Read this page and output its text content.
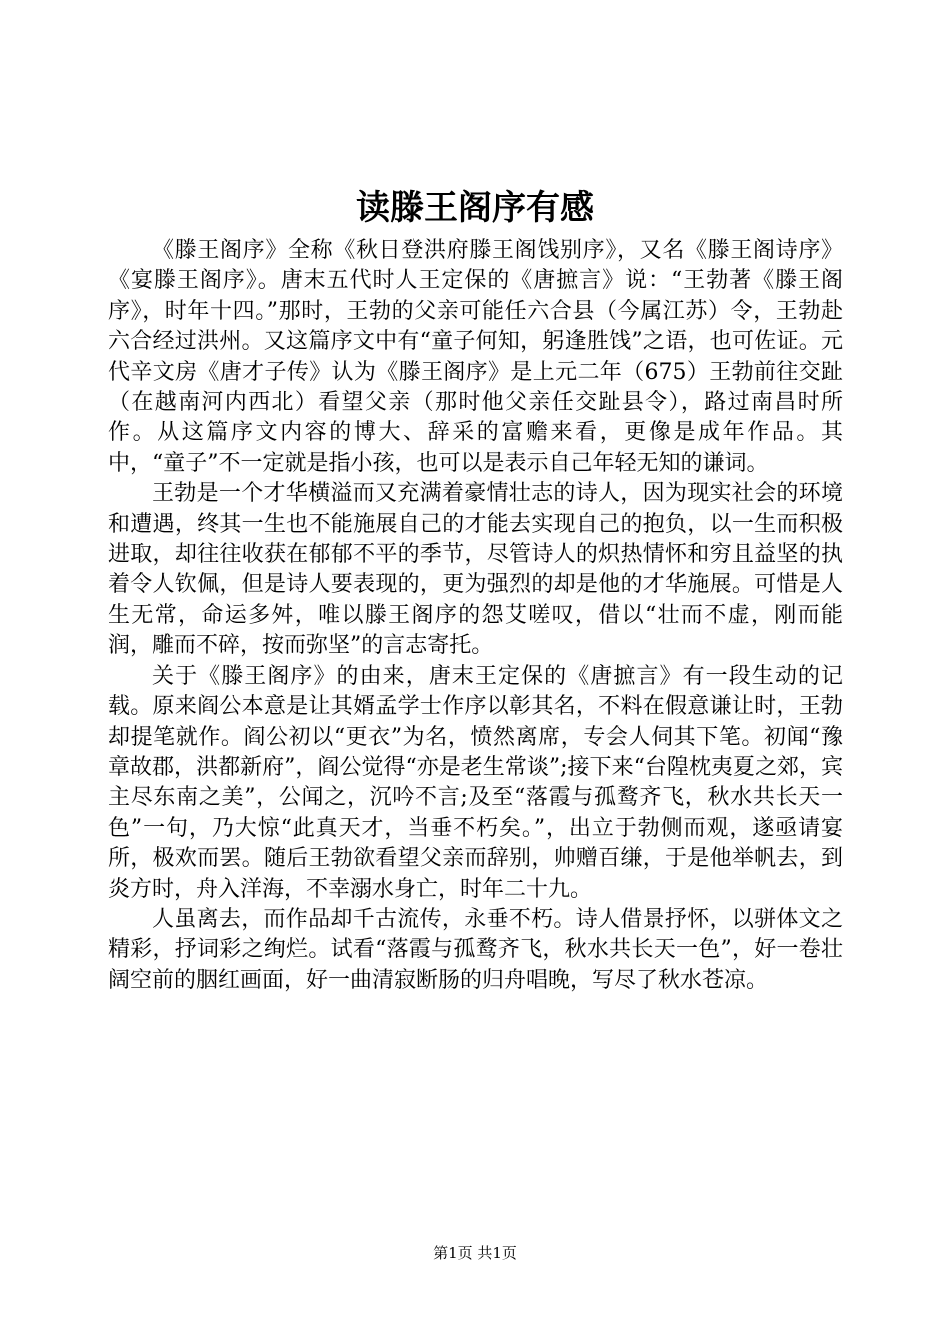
读滕王阁序有感

《滕王阁序》全称《秋日登洪府滕王阁饯别序》，又名《滕王阁诗序》《宴滕王阁序》。唐末五代时人王定保的《唐摭言》说：“王勃著《滕王阁序》，时年十四。”那时，王勃的父亲可能任六合县（今属江苏）令，王勃赴六合经过洪州。又这篇序文中有“童子何知，躬逢胜饯”之语，也可佐证。元代辛文房《唐才子传》认为《滕王阁序》是上元二年（675）王勃前往交趾（在越南河内西北）看望父亲（那时他父亲任交趾县令），路过南昌时所作。从这篇序文内容的博大、辞采的富赡来看，更像是成年作品。其中，“童子”不一定就是指小孩，也可以是表示自己年轻无知的谦词。

王勃是一个才华横溢而又充满着豪情壮志的诗人，因为现实社会的环境和遭遇，终其一生也不能施展自己的才能去实现自己的抱负，以一生而积极进取，却往往收获在郁郁不平的季节，尽管诗人的炽热情怀和穷且益坚的执着令人钦佩，但是诗人要表现的，更为强烈的却是他的才华施展。可惜是人生无常，命运多舛，唯以滕王阁序的怨艾嗟叹，借以“壮而不虚，刚而能润，雕而不碎，按而弥坚”的言志寄托。

关于《滕王阁序》的由来，唐末王定保的《唐摭言》有一段生动的记载。原来阎公本意是让其婿孟学士作序以彰其名，不料在假意谦让时，王勃却提笔就作。阎公初以“更衣”为名，愤然离席，专会人伺其下笔。初闻“豫章故郡，洪都新府”，阎公觉得“亦是老生常谈”;接下来“台隍枕夷夏之郊，宾主尽东南之美”，公闻之，沉吟不言;及至“落霞与孤鹜齐飞，秋水共长天一色”一句，乃大惊“此真天才，当垂不朽矣。”，出立于勃侧而观，遂亟请宴所，极欢而罢。随后王勃欲看望父亲而辞别，帅赠百缣，于是他举帆去，到炎方时，舟入洋海，不幸溺水身亡，时年二十九。

人虽离去，而作品却千古流传，永垂不朽。诗人借景抒怀，以骈体文之精彩，抒词彩之绚烂。试看“落霞与孤鹜齐飞，秋水共长天一色”，好一卷壮阔空前的胭红画面，好一曲清寂断肠的归舟唱晚，写尽了秋水苍凉。

第1页 共1页
